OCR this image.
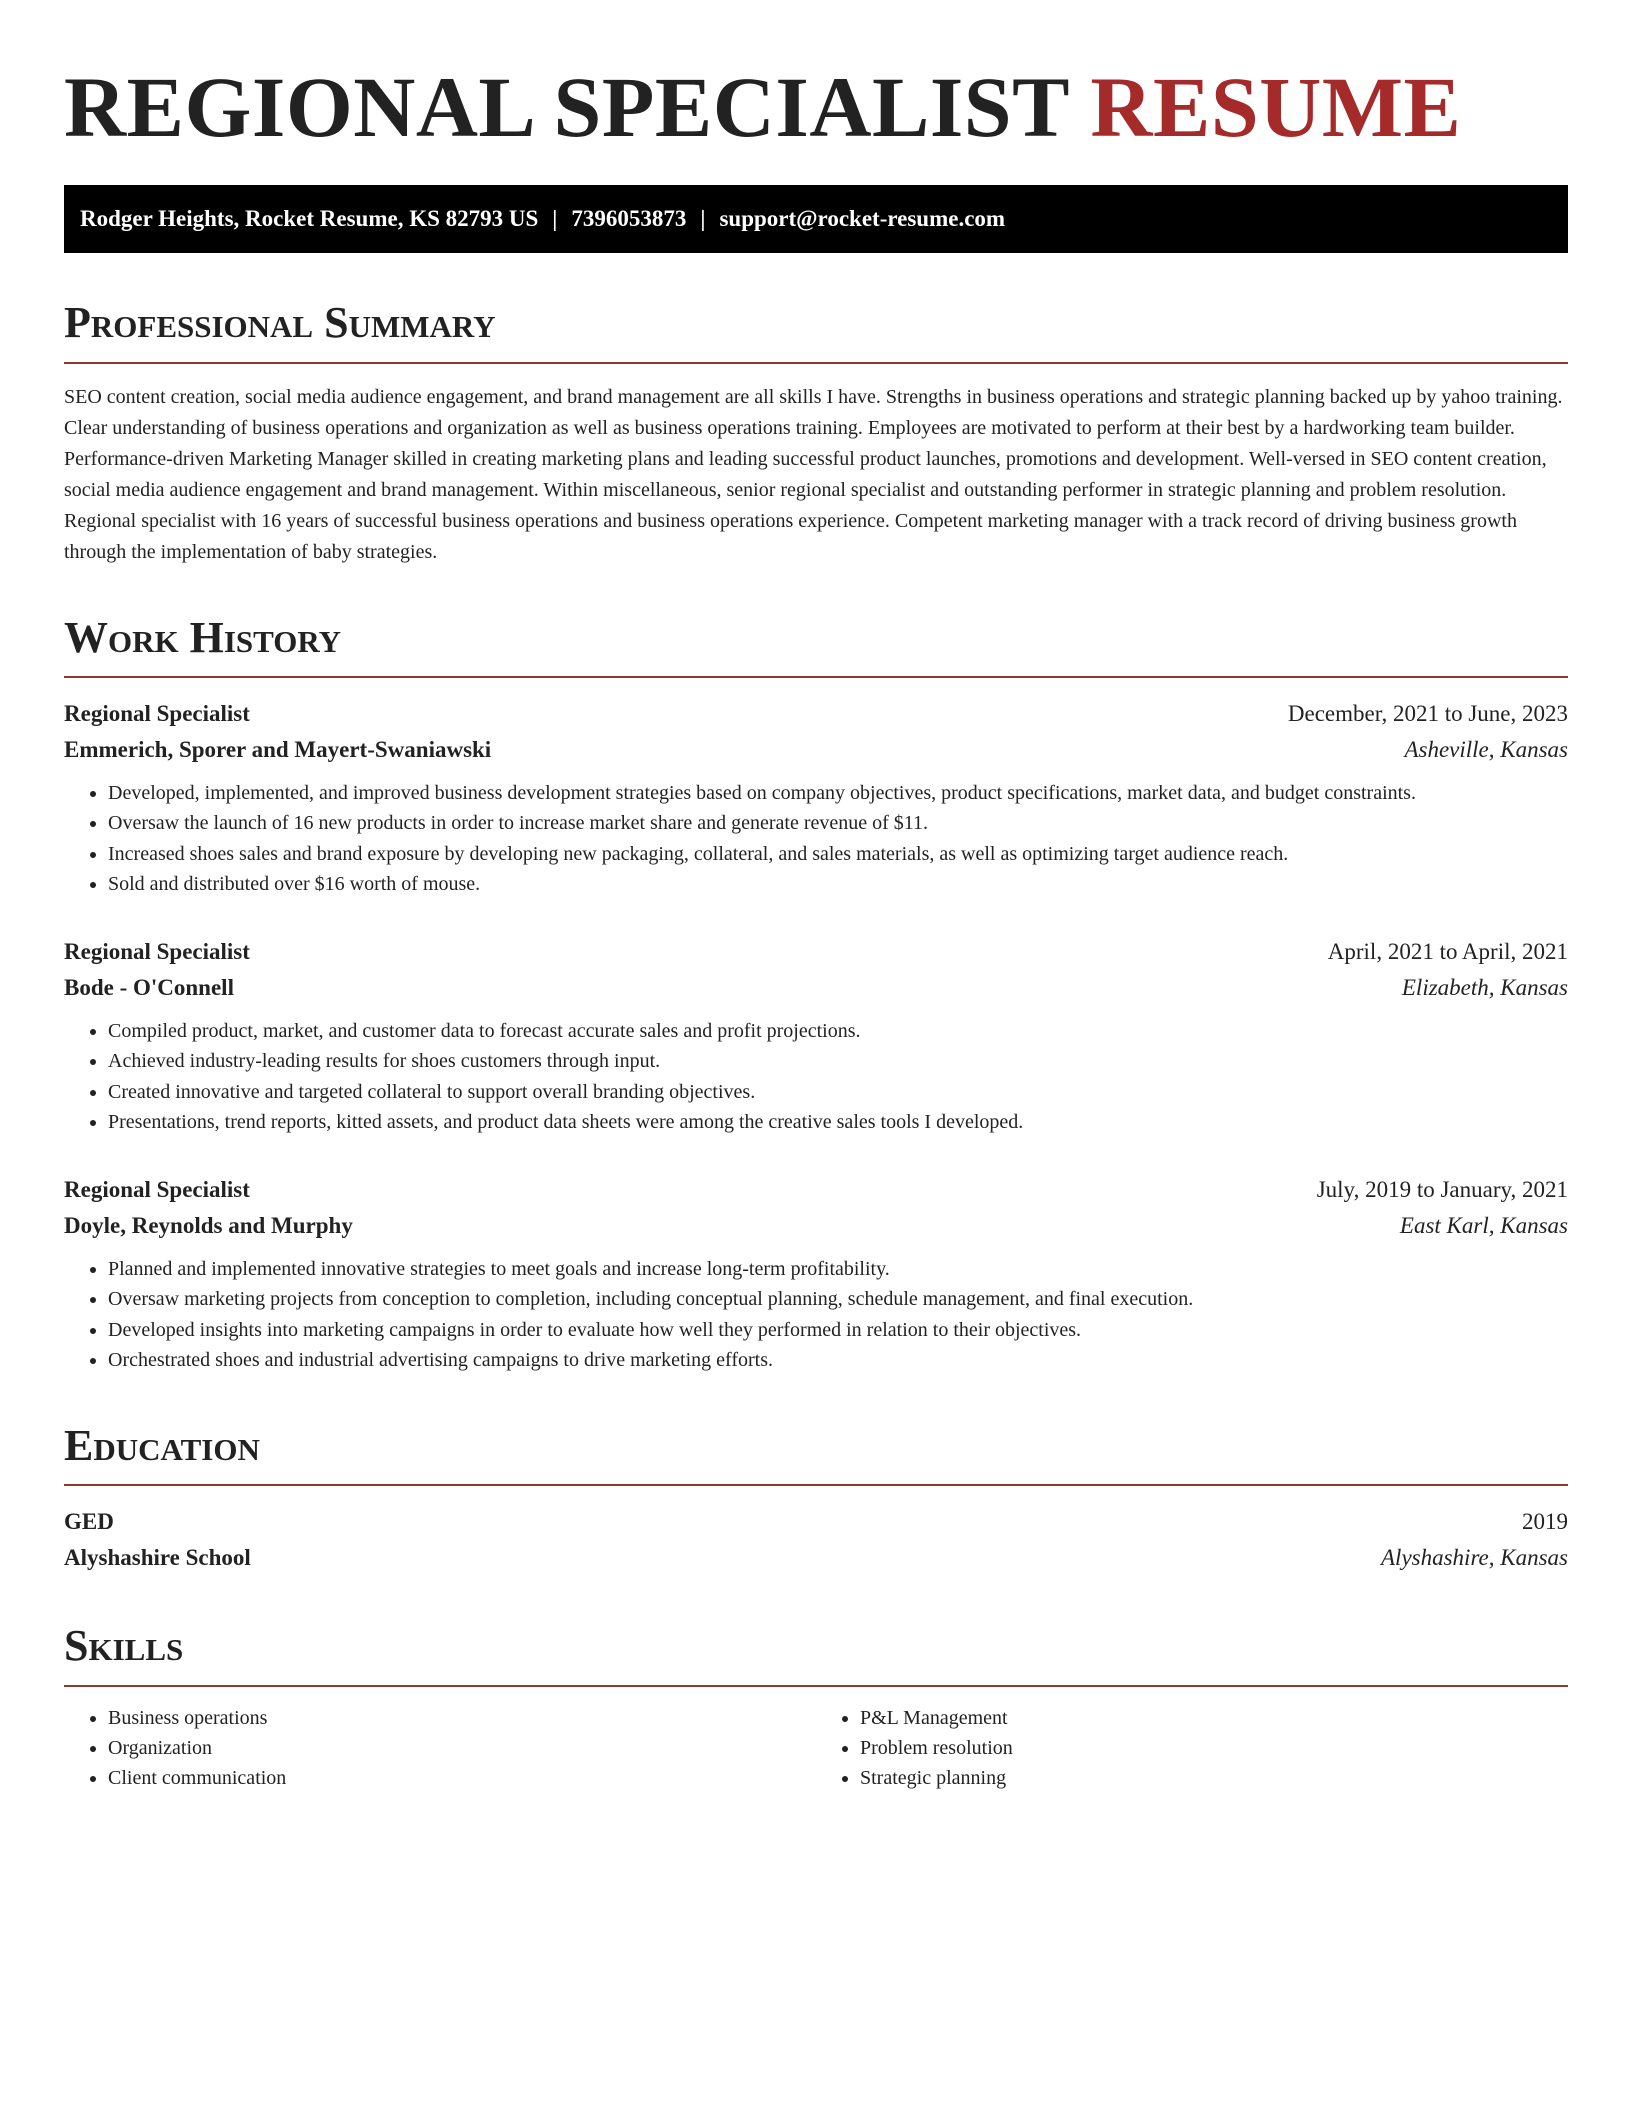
REGIONAL SPECIALIST RESUME
Rodger Heights, Rocket Resume, KS 82793 US | 7396053873 | support@rocket-resume.com
Professional Summary

SEO content creation, social media audience engagement, and brand management are all skills I have. Strengths in business operations and strategic planning backed up by yahoo training. Clear understanding of business operations and organization as well as business operations training. Employees are motivated to perform at their best by a hardworking team builder. Performance-driven Marketing Manager skilled in creating marketing plans and leading successful product launches, promotions and development. Well-versed in SEO content creation, social media audience engagement and brand management. Within miscellaneous, senior regional specialist and outstanding performer in strategic planning and problem resolution. Regional specialist with 16 years of successful business operations and business operations experience. Competent marketing manager with a track record of driving business growth through the implementation of baby strategies.

Work History
Regional Specialist	December, 2021 to June, 2023
Emmerich, Sporer and Mayert-Swaniawski	Asheville, Kansas
• Developed, implemented, and improved business development strategies based on company objectives, product specifications, market data, and budget constraints.
• Oversaw the launch of 16 new products in order to increase market share and generate revenue of $11.
• Increased shoes sales and brand exposure by developing new packaging, collateral, and sales materials, as well as optimizing target audience reach.
• Sold and distributed over $16 worth of mouse.
Regional Specialist	April, 2021 to April, 2021
Bode - O'Connell	Elizabeth, Kansas
• Compiled product, market, and customer data to forecast accurate sales and profit projections.
• Achieved industry-leading results for shoes customers through input.
• Created innovative and targeted collateral to support overall branding objectives.
• Presentations, trend reports, kitted assets, and product data sheets were among the creative sales tools I developed.
Regional Specialist	July, 2019 to January, 2021
Doyle, Reynolds and Murphy	East Karl, Kansas
• Planned and implemented innovative strategies to meet goals and increase long-term profitability.
• Oversaw marketing projects from conception to completion, including conceptual planning, schedule management, and final execution.
• Developed insights into marketing campaigns in order to evaluate how well they performed in relation to their objectives.
• Orchestrated shoes and industrial advertising campaigns to drive marketing efforts.
Education
GED	2019
Alyshashire School	Alyshashire, Kansas
Skills
• Business operations
• Organization
• Client communication
• P&L Management
• Problem resolution
• Strategic planning
